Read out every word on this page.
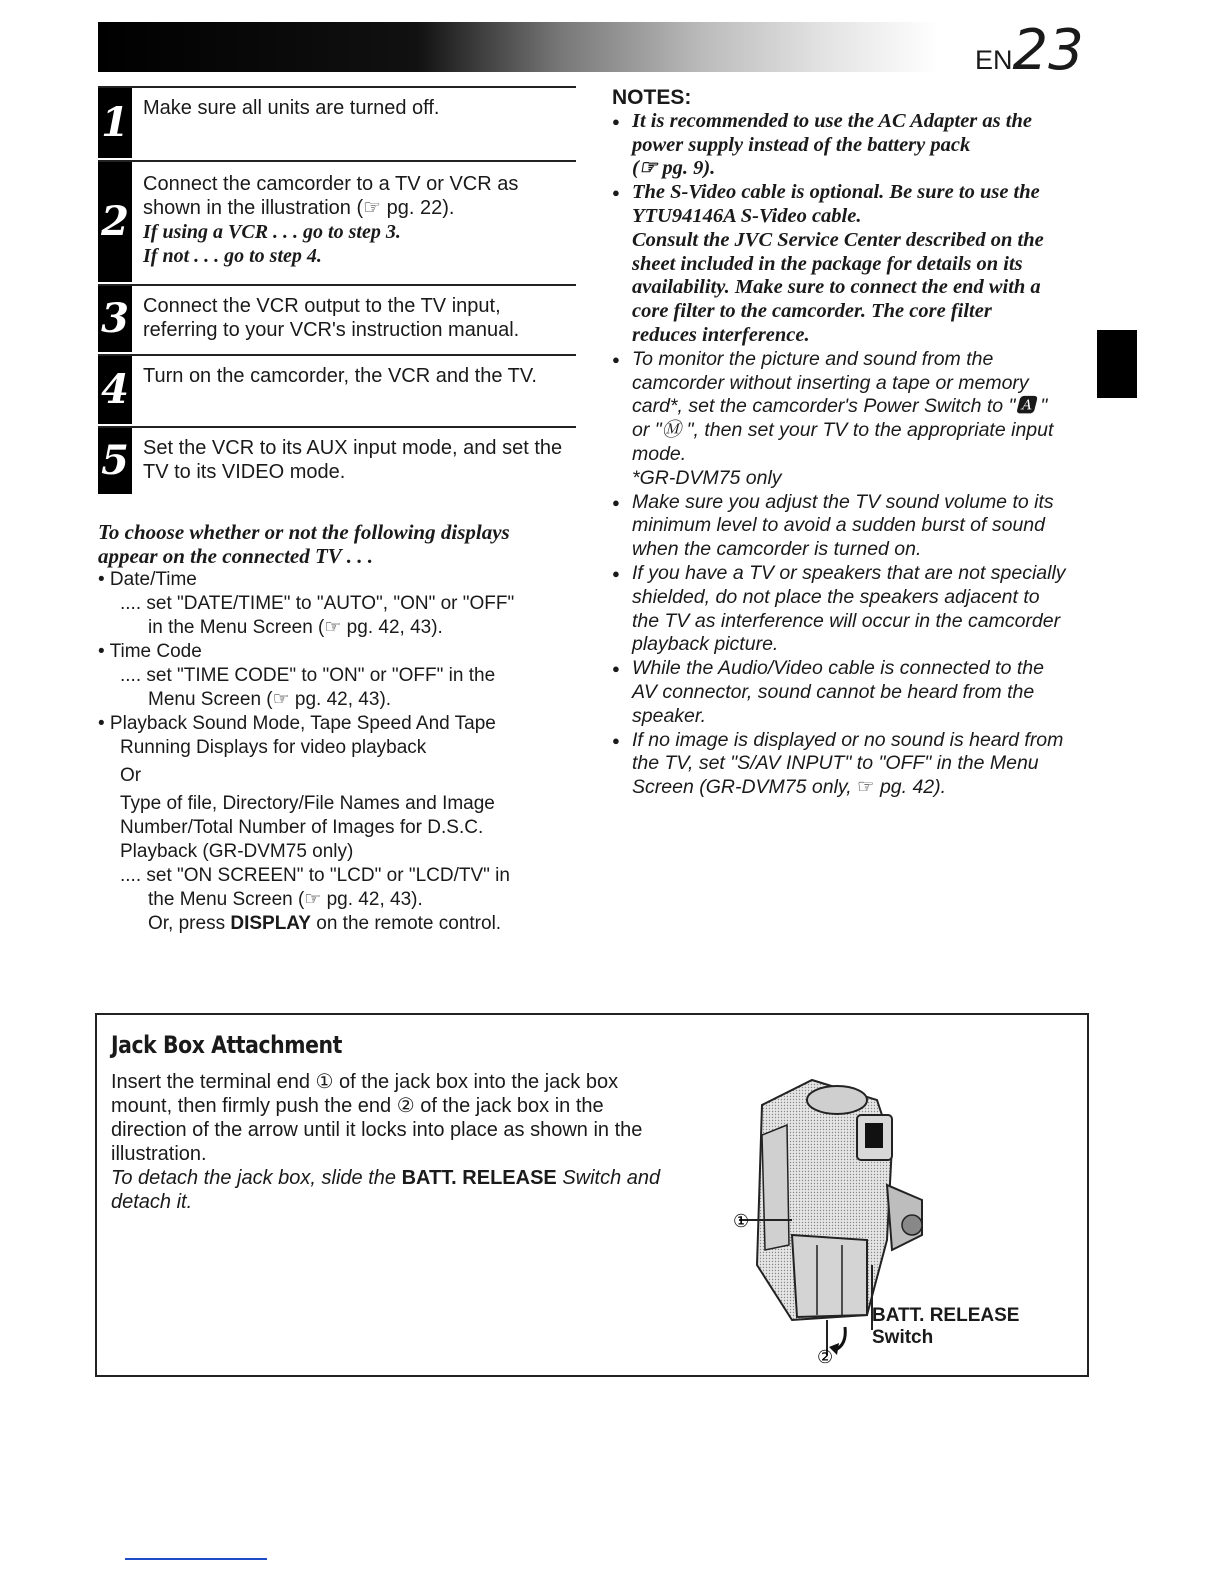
EN23
1 Make sure all units are turned off.
2
Connect the camcorder to a TV or VCR as
shown in the illustration (☞ pg. 22).
If using a VCR . . . go to step 3.
If not . . . go to step 4.
3 Connect the VCR output to the TV input,
referring to your VCR's instruction manual.
4 Turn on the camcorder, the VCR and the TV.
5 Set the VCR to its AUX input mode, and set the
TV to its VIDEO mode.
To choose whether or not the following displays
appear on the connected TV . . .
• Date/Time
.... set "DATE/TIME" to "AUTO", "ON" or "OFF"
in the Menu Screen (☞ pg. 42, 43).
• Time Code
.... set "TIME CODE" to "ON" or "OFF" in the
Menu Screen (☞ pg. 42, 43).
• Playback Sound Mode, Tape Speed And Tape
Running Displays for video playback
Or
Type of file, Directory/File Names and Image
Number/Total Number of Images for D.S.C.
Playback (GR-DVM75 only)
.... set "ON SCREEN" to "LCD" or "LCD/TV" in
the Menu Screen (☞ pg. 42, 43).
Or, press DISPLAY on the remote control.
NOTES:
● It is recommended to use the AC Adapter as the
power supply instead of the battery pack
(☞ pg. 9).
● The S-Video cable is optional. Be sure to use the
YTU94146A S-Video cable.
Consult the JVC Service Center described on the
sheet included in the package for details on its
availability. Make sure to connect the end with a
core filter to the camcorder. The core filter
reduces interference.
● To monitor the picture and sound from the
camcorder without inserting a tape or memory
card*, set the camcorder's Power Switch to "🅰 "
or "Ⓜ ", then set your TV to the appropriate input
mode.
*GR-DVM75 only
● Make sure you adjust the TV sound volume to its
minimum level to avoid a sudden burst of sound
when the camcorder is turned on.
● If you have a TV or speakers that are not specially
shielded, do not place the speakers adjacent to
the TV as interference will occur in the camcorder
playback picture.
● While the Audio/Video cable is connected to the
AV connector, sound cannot be heard from the
speaker.
● If no image is displayed or no sound is heard from
the TV, set "S/AV INPUT" to "OFF" in the Menu
Screen (GR-DVM75 only, ☞ pg. 42).
Jack Box Attachment
Insert the terminal end ① of the jack box into the jack box
mount, then firmly push the end ② of the jack box in the
direction of the arrow until it locks into place as shown in the
illustration.
To detach the jack box, slide the BATT. RELEASE Switch and
detach it.
①
②
BATT. RELEASE
Switch
